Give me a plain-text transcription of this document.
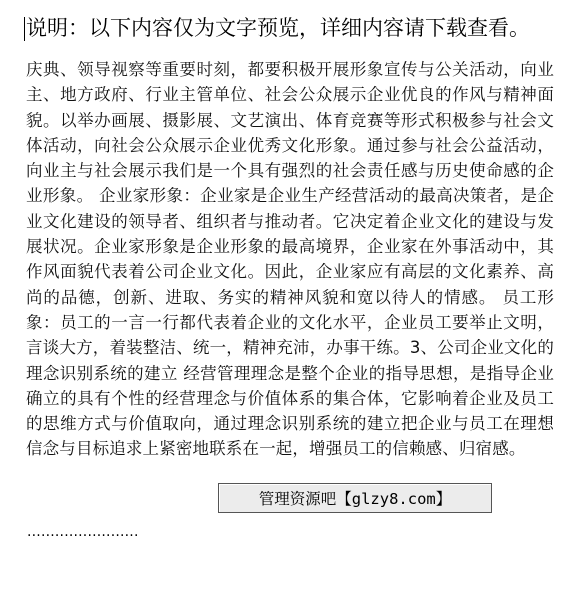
说明：以下内容仅为文字预览，详细内容请下载查看。

庆典、领导视察等重要时刻，都要积极开展形象宣传与公关活动，向业主、地方政府、行业主管单位、社会公众展示企业优良的作风与精神面貌。以举办画展、摄影展、文艺演出、体育竞赛等形式积极参与社会文体活动，向社会公众展示企业优秀文化形象。通过参与社会公益活动，向业主与社会展示我们是一个具有强烈的社会责任感与历史使命感的企业形象。 企业家形象：企业家是企业生产经营活动的最高决策者，是企业文化建设的领导者、组织者与推动者。它决定着企业文化的建设与发展状况。企业家形象是企业形象的最高境界，企业家在外事活动中，其作风面貌代表着公司企业文化。因此，企业家应有高层的文化素养、高尚的品德，创新、进取、务实的精神风貌和宽以待人的情感。 员工形象：员工的一言一行都代表着企业的文化水平，企业员工要举止文明，言谈大方，着装整洁、统一，精神充沛，办事干练。3、公司企业文化的理念识别系统的建立 经营管理理念是整个企业的指导思想，是指导企业确立的具有个性的经营理念与价值体系的集合体，它影响着企业及员工的思维方式与价值取向，通过理念识别系统的建立把企业与员工在理想信念与目标追求上紧密地联系在一起，增强员工的信赖感、归宿感。

管理资源吧【glzy8.com】
························
